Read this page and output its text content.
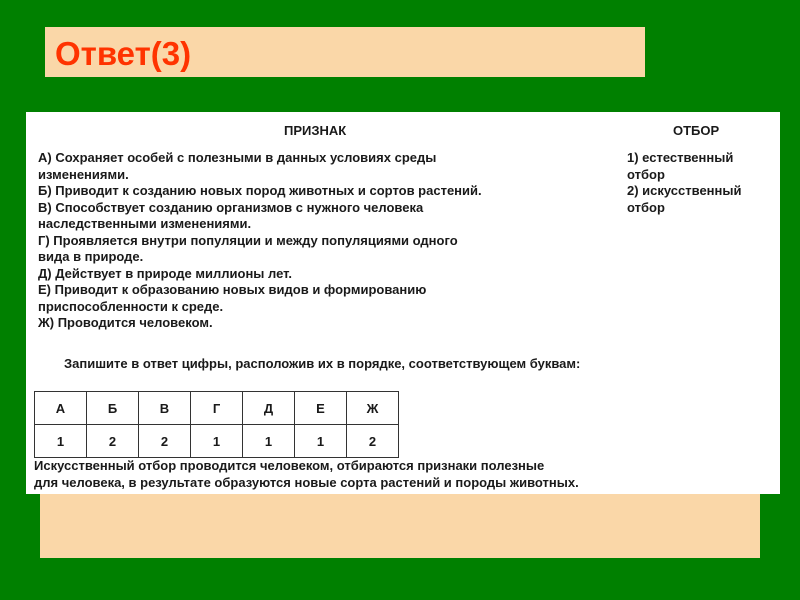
Ответ(3)
ПРИЗНАК	ОТБОР
А) Сохраняет особей с полезными в данных условиях среды
изменениями.
Б) Приводит к созданию новых пород животных и сортов растений.
В) Способствует созданию организмов с нужного человека
наследственными изменениями.
Г) Проявляется внутри популяции и между популяциями одного
вида в природе.
Д) Действует в природе миллионы лет.
Е) Приводит к образованию новых видов и формированию
приспособленности к среде.
Ж) Проводится человеком.
1) естественный
отбор
2) искусственный
отбор
Запишите в ответ цифры, расположив их в порядке, соответствующем буквам:
А	Б	В	Г	Д	Е	Ж
1	2	2	1	1	1	2
Искусственный отбор проводится человеком, отбираются признаки полезные
для человека, в результате образуются новые сорта растений и породы животных.
